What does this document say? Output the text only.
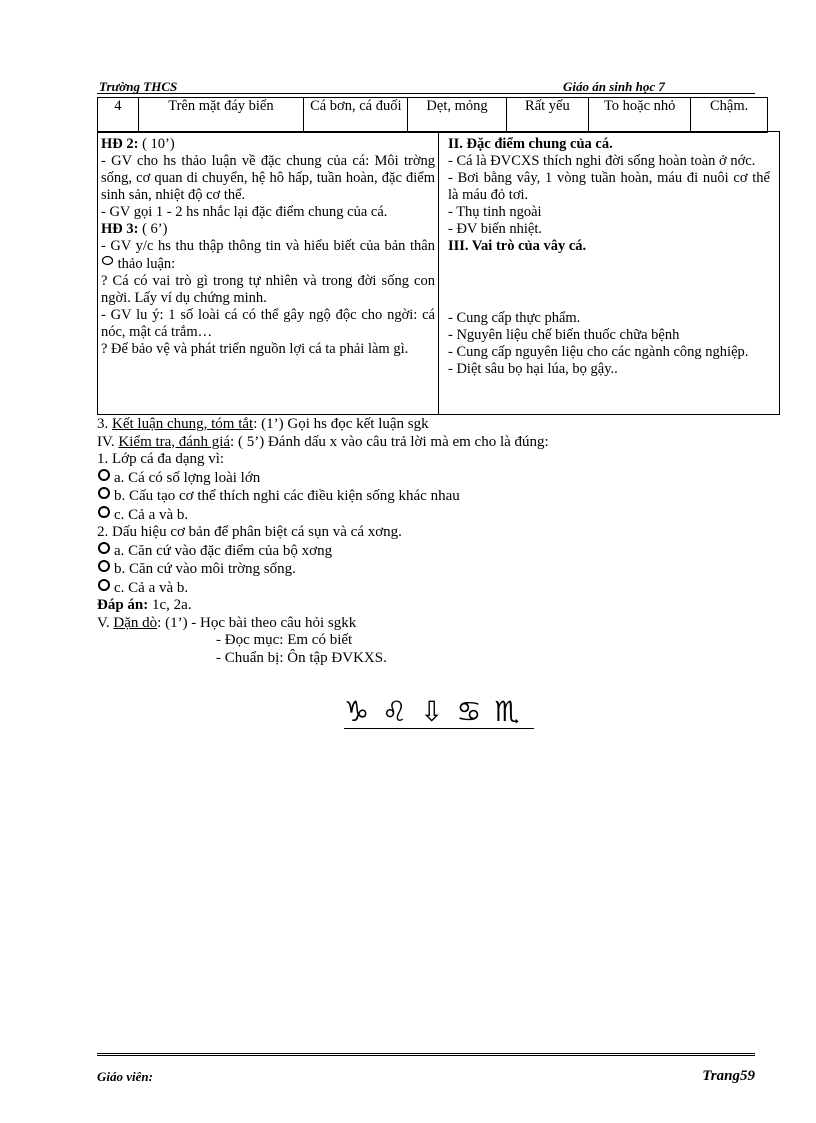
Trường THCS	Giáo án sinh học 7
4	Trên mặt đáy biển	Cá bơn, cá đuối	Dẹt, mỏng	Rất yếu	To hoặc nhỏ	Chậm.

HĐ 2: ( 10’)

- GV cho hs thảo luận về đặc chung của cá: Môi trờng sống, cơ quan di chuyển, hệ hô hấp, tuần hoàn, đặc điểm sinh sản, nhiệt độ cơ thể.

- GV gọi 1 - 2 hs nhắc lại đặc điểm chung của cá.

HĐ 3: ( 6’)

- GV y/c hs thu thập thông tin và hiểu biết của bản thân  thảo luận:

? Cá có vai trò gì trong tự nhiên và trong đời sống con ngời. Lấy ví dụ chứng minh.

- GV lu ý: 1 số loài cá có thể gây ngộ độc cho ngời: cá nóc, mật cá trắm…

? Để bảo vệ và phát triển nguồn lợi cá ta phải làm gì.

II. Đặc điểm chung của cá.

- Cá là ĐVCXS thích nghi đời sống hoàn toàn ở nớc.

- Bơi bằng vây, 1 vòng tuần hoàn, máu đi nuôi cơ thể là máu đỏ tơi.

- Thụ tinh ngoài

- ĐV biến nhiệt.

III. Vai trò của vây cá.

- Cung cấp thực phẩm.

- Nguyên liệu chế biến thuốc chữa bệnh

- Cung cấp nguyên liệu cho các ngành công nghiệp.

- Diệt sâu bọ hại lúa, bọ gậy..

3. Kết luận chung, tóm tắt: (1’) Gọi hs đọc kết luận sgk

IV. Kiểm tra, đánh giá: ( 5’) Đánh dấu x vào câu trả lời mà em cho là đúng:

1. Lớp cá đa dạng vì:

a. Cá có số lợng loài lớn

b. Cấu tạo cơ thể thích nghi các điều kiện sống khác nhau

c. Cả a và b.

2. Dấu hiệu cơ bản để phân biệt cá sụn và cá xơng.

a. Căn cứ vào đặc điểm của bộ xơng

b. Căn cứ vào môi trờng sống.

c. Cả a và b.

Đáp án: 1c, 2a.

V. Dặn dò: (1’) - Học bài theo câu hỏi sgkk

- Đọc mục: Em có biết

- Chuẩn bị: Ôn tập ĐVKXS.

♑ ♌ ⇩ ♋ ♏
Giáo viên:	Trang59
